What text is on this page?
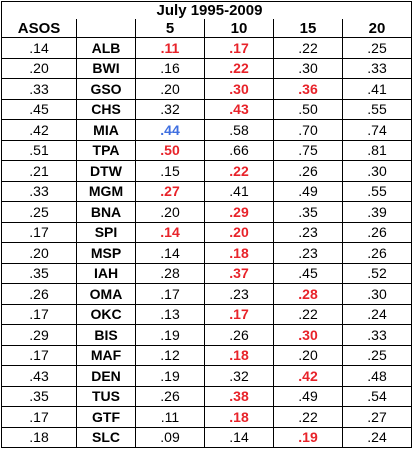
	July 1995-2009				
ASOS		5	10	15	20
.14	ALB	.11	.17	.22	.25
.20	BWI	.16	.22	.30	.33
.33	GSO	.20	.30	.36	.41
.45	CHS	.32	.43	.50	.55
.42	MIA	.44	.58	.70	.74
.51	TPA	.50	.66	.75	.81
.21	DTW	.15	.22	.26	.30
.33	MGM	.27	.41	.49	.55
.25	BNA	.20	.29	.35	.39
.17	SPI	.14	.20	.23	.26
.20	MSP	.14	.18	.23	.26
.35	IAH	.28	.37	.45	.52
.26	OMA	.17	.23	.28	.30
.17	OKC	.13	.17	.22	.24
.29	BIS	.19	.26	.30	.33
.17	MAF	.12	.18	.20	.25
.43	DEN	.19	.32	.42	.48
.35	TUS	.26	.38	.49	.54
.17	GTF	.11	.18	.22	.27
.18	SLC	.09	.14	.19	.24
